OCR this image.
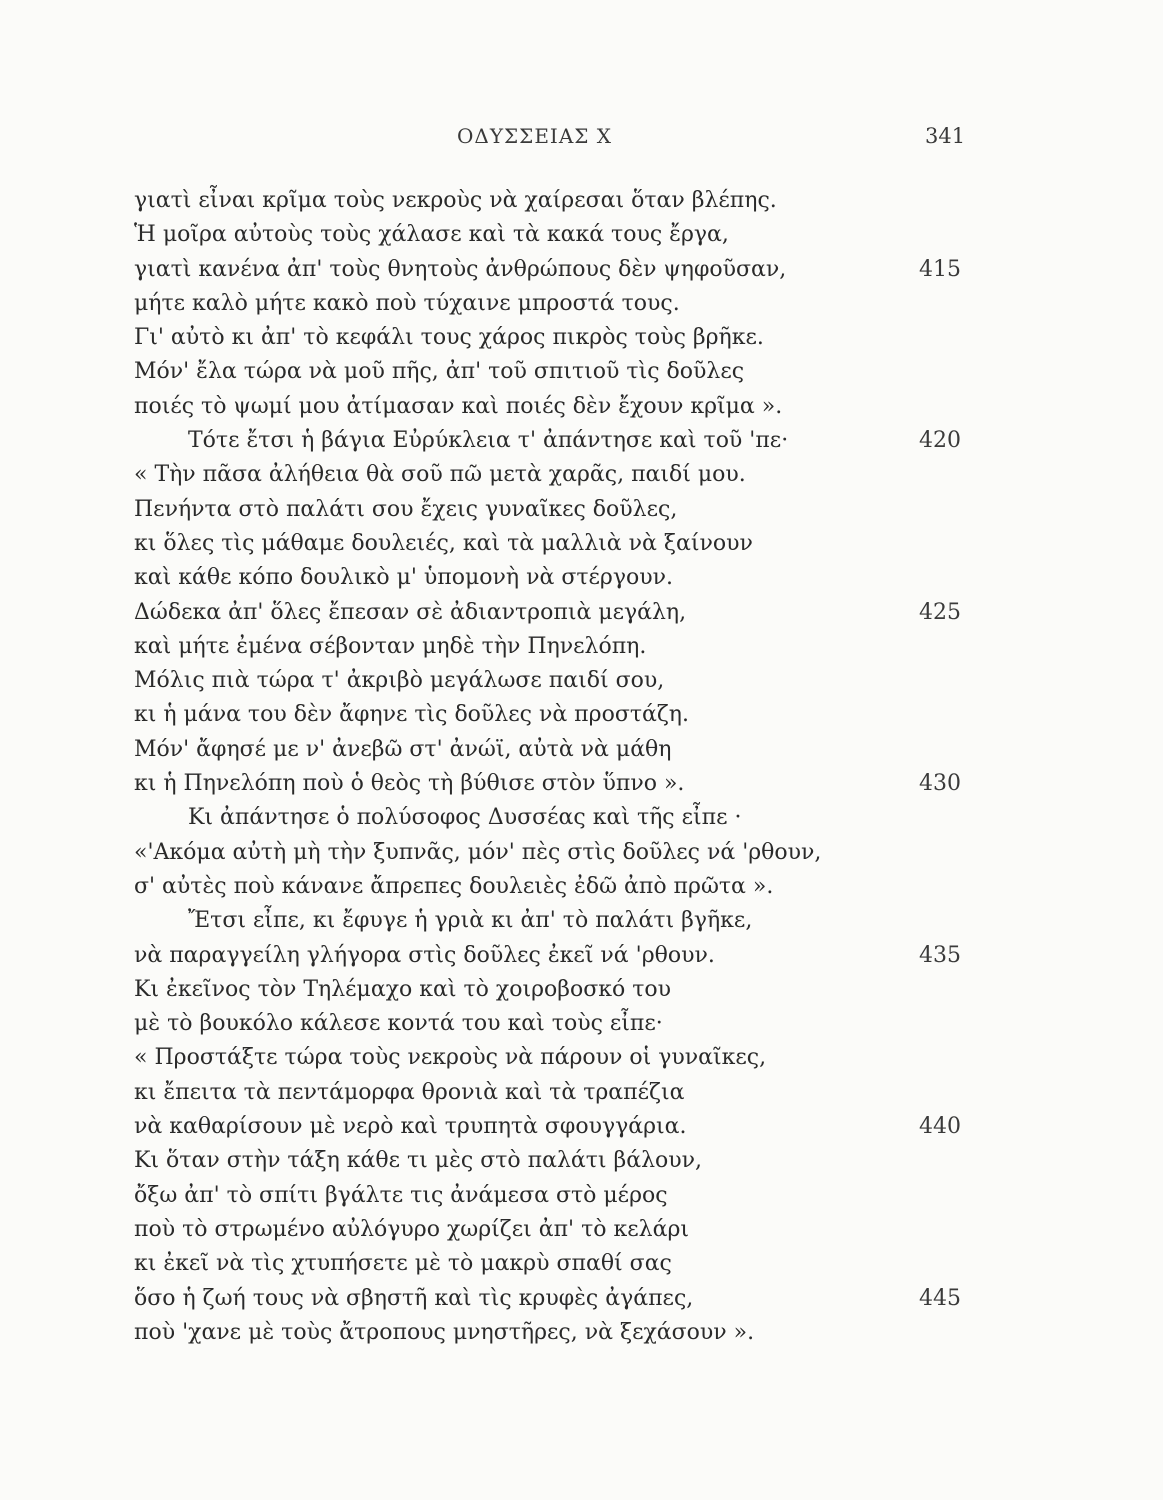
ΟΔΥΣΣΕΙΑΣ Χ	341
γιατὶ εἶναι κρῖμα τοὺς νεκροὺς νὰ χαίρεσαι ὅταν βλέπης.
Ἡ μοῖρα αὐτοὺς τοὺς χάλασε καὶ τὰ κακά τους ἔργα,
γιατὶ κανένα ἀπ' τοὺς θνητοὺς ἀνθρώπους δὲν ψηφοῦσαν,	415
μήτε καλὸ μήτε κακὸ ποὺ τύχαινε μπροστά τους.
Γι' αὐτὸ κι ἀπ' τὸ κεφάλι τους χάρος πικρὸς τοὺς βρῆκε.
Μόν' ἔλα τώρα νὰ μοῦ πῆς, ἀπ' τοῦ σπιτιοῦ τὶς δοῦλες
ποιές τὸ ψωμί μου ἀτίμασαν καὶ ποιές δὲν ἔχουν κρῖμα ».
Τότε ἔτσι ἡ βάγια Εὐρύκλεια τ' ἀπάντησε καὶ τοῦ 'πε·	420
« Τὴν πᾶσα ἀλήθεια θὰ σοῦ πῶ μετὰ χαρᾶς, παιδί μου.
Πενήντα στὸ παλάτι σου ἔχεις γυναῖκες δοῦλες,
κι ὅλες τὶς μάθαμε δουλειές, καὶ τὰ μαλλιὰ νὰ ξαίνουν
καὶ κάθε κόπο δουλικὸ μ' ὑπομονὴ νὰ στέργουν.
Δώδεκα ἀπ' ὅλες ἔπεσαν σὲ ἀδιαντροπιὰ μεγάλη,	425
καὶ μήτε ἐμένα σέβονταν μηδὲ τὴν Πηνελόπη.
Μόλις πιὰ τώρα τ' ἀκριβὸ μεγάλωσε παιδί σου,
κι ἡ μάνα του δὲν ἄφηνε τὶς δοῦλες νὰ προστάζη.
Μόν' ἄφησέ με ν' ἀνεβῶ στ' ἀνώϊ, αὐτὰ νὰ μάθη
κι ἡ Πηνελόπη ποὺ ὁ θεὸς τὴ βύθισε στὸν ὕπνο ».	430
Κι ἀπάντησε ὁ πολύσοφος Δυσσέας καὶ τῆς εἶπε ·
«'Ακόμα αὐτὴ μὴ τὴν ξυπνᾶς, μόν' πὲς στὶς δοῦλες νά 'ρθουν,
σ' αὐτὲς ποὺ κάνανε ἄπρεπες δουλειὲς ἐδῶ ἀπὸ πρῶτα ».
Ἔτσι εἶπε, κι ἔφυγε ἡ γριὰ κι ἀπ' τὸ παλάτι βγῆκε,
νὰ παραγγείλη γλήγορα στὶς δοῦλες ἐκεῖ νά 'ρθουν.	435
Κι ἐκεῖνος τὸν Τηλέμαχο καὶ τὸ χοιροβοσκό του
μὲ τὸ βουκόλο κάλεσε κοντά του καὶ τοὺς εἶπε·
« Προστάξτε τώρα τοὺς νεκροὺς νὰ πάρουν οἱ γυναῖκες,
κι ἔπειτα τὰ πεντάμορφα θρονιὰ καὶ τὰ τραπέζια
νὰ καθαρίσουν μὲ νερὸ καὶ τρυπητὰ σφουγγάρια.	440
Κι ὅταν στὴν τάξη κάθε τι μὲς στὸ παλάτι βάλουν,
ὄξω ἀπ' τὸ σπίτι βγάλτε τις ἀνάμεσα στὸ μέρος
ποὺ τὸ στρωμένο αὐλόγυρο χωρίζει ἀπ' τὸ κελάρι
κι ἐκεῖ νὰ τὶς χτυπήσετε μὲ τὸ μακρὺ σπαθί σας
ὅσο ἡ ζωή τους νὰ σβηστῆ καὶ τὶς κρυφὲς ἀγάπες,	445
ποὺ 'χανε μὲ τοὺς ἄτροπους μνηστῆρες, νὰ ξεχάσουν ».
